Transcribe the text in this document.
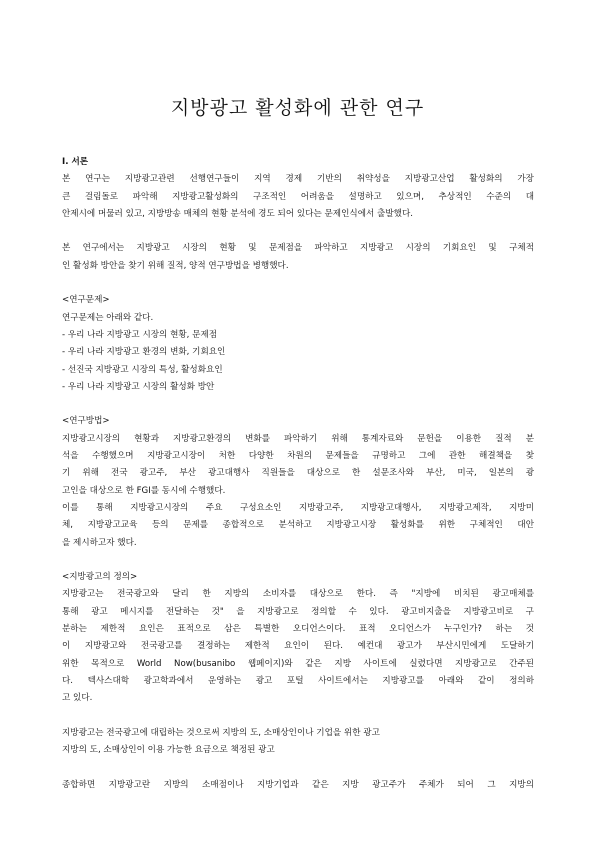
지방광고 활성화에 관한 연구
Ⅰ. 서론
본 연구는 지방광고관련 선행연구들이 지역 경제 기반의 취약성을 지방광고산업 활성화의 가장
큰 걸림돌로 파악해 지방광고활성화의 구조적인 어려움을 설명하고 있으며, 추상적인 수준의 대
안제시에 머물러 있고, 지방방송 매체의 현황 분석에 경도 되어 있다는 문제인식에서 출발했다.
본 연구에서는 지방광고 시장의 현황 및 문제점을 파악하고 지방광고 시장의 기회요인 및 구체적
인 활성화 방안을 찾기 위해 질적, 양적 연구방법을 병행했다.
<연구문제>
연구문제는 아래와 같다.
- 우리 나라 지방광고 시장의 현황, 문제점
- 우리 나라 지방광고 환경의 변화, 기회요인
- 선진국 지방광고 시장의 특성, 활성화요인
- 우리 나라 지방광고 시장의 활성화 방안
<연구방법>
지방광고시장의 현황과 지방광고환경의 변화를 파악하기 위해 통계자료와 문헌을 이용한 질적 분
석을 수행했으며 지방광고시장이 처한 다양한 차원의 문제들을 규명하고 그에 관한 해결책을 찾
기 위해 전국 광고주, 부산 광고대행사 직원들을 대상으로 한 설문조사와 부산, 미국, 일본의 광
고인을 대상으로 한 FGI를 동시에 수행했다.
이를 통해 지방광고시장의 주요 구성요소인 지방광고주, 지방광고대행사, 지방광고제작, 지방미
체, 지방광고교육 등의 문제를 종합적으로 분석하고 지방광고시장 활성화를 위한 구체적인 대안
을 제시하고자 했다.
<지방광고의 정의>
지방광고는 전국광고와 달리 한 지방의 소비자를 대상으로 한다. 즉 "지방에 비치된 광고매체를
통해 광고 메시지를 전달하는 것" 을 지방광고로 정의할 수 있다. 광고비지출을 지방광고비로 구
분하는 제한적 요인은 표적으로 삼은 특별한 오디언스이다. 표적 오디언스가 누구인가? 하는 것
이 지방광고와 전국광고를 결정하는 제한적 요인이 된다. 예컨대 광고가 부산시민에게 도달하기
위한 목적으로 World Now(busanibo 웹페이지)와 같은 지방 사이트에 실렸다면 지방광고로 간주된
다. 텍사스대학 광고학과에서 운영하는 광고 포털 사이트에서는 지방광고를 아래와 같이 정의하
고 있다.
지방광고는 전국광고에 대립하는 것으로써 지방의 도, 소매상인이나 기업을 위한 광고
지방의 도, 소매상인이 이용 가능한 요금으로 책정된 광고
종합하면 지방광고란 지방의 소매점이나 지방기업과 같은 지방 광고주가 주체가 되어 그 지방의
